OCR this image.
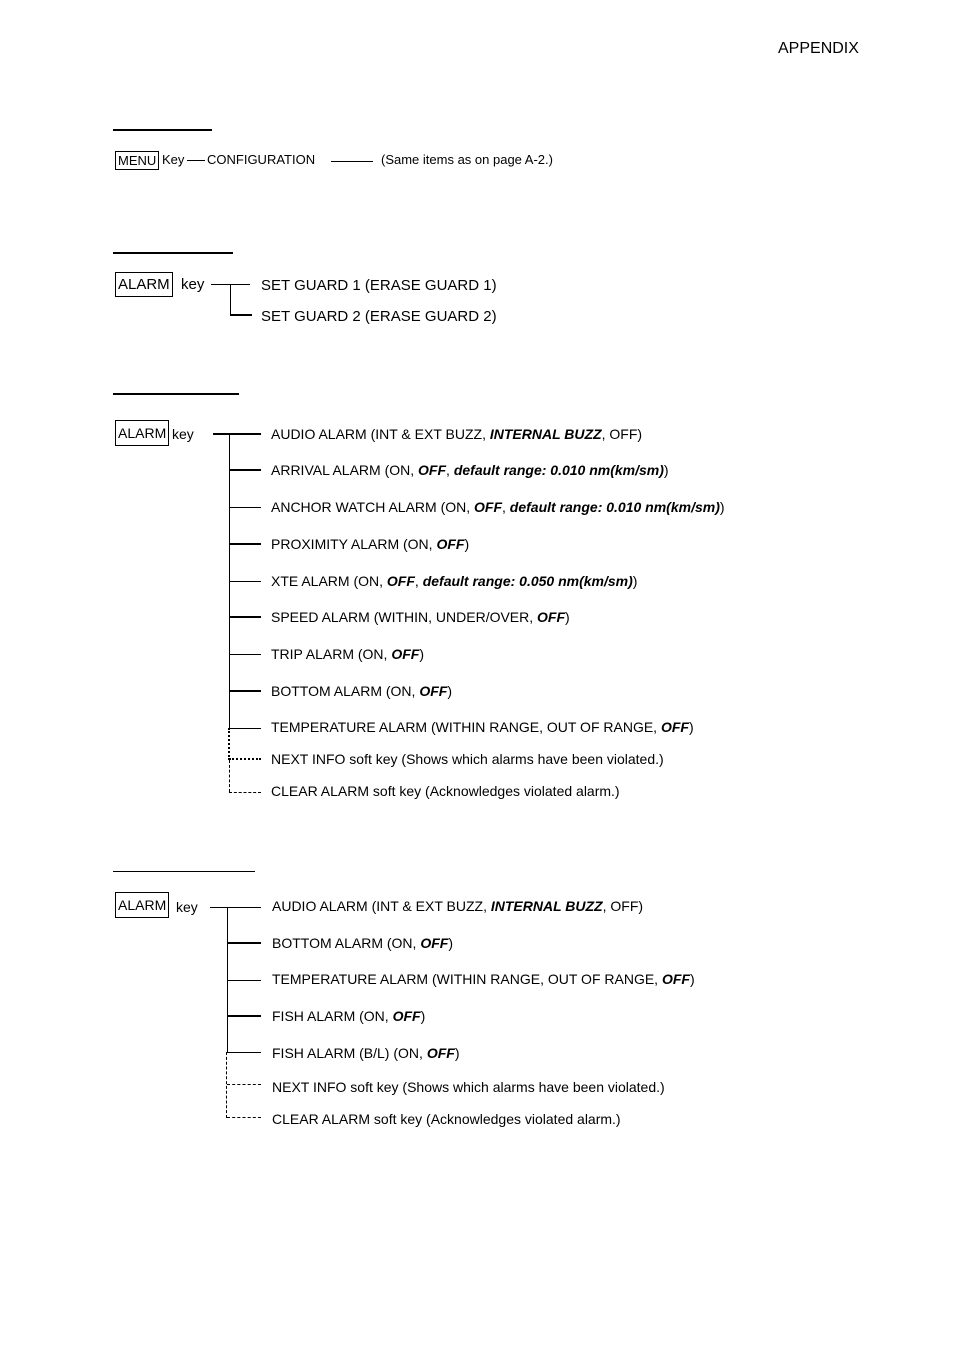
APPENDIX
MENU Key CONFIGURATION	(Same items as on page A-2.)
ALARM key	SET GUARD 1 (ERASE GUARD 1)
SET GUARD 2 (ERASE GUARD 2)
ALARM key	AUDIO ALARM (INT & EXT BUZZ, INTERNAL BUZZ, OFF)
ARRIVAL ALARM (ON, OFF, default range: 0.010 nm(km/sm))
ANCHOR WATCH ALARM (ON, OFF, default range: 0.010 nm(km/sm))
PROXIMITY ALARM (ON, OFF)
XTE ALARM (ON, OFF, default range: 0.050 nm(km/sm))
SPEED ALARM (WITHIN, UNDER/OVER, OFF)
TRIP ALARM (ON, OFF)
BOTTOM ALARM (ON, OFF)
TEMPERATURE ALARM (WITHIN RANGE, OUT OF RANGE, OFF)
NEXT INFO soft key (Shows which alarms have been violated.)
CLEAR ALARM soft key (Acknowledges violated alarm.)
ALARM key	AUDIO ALARM (INT & EXT BUZZ, INTERNAL BUZZ, OFF)
BOTTOM ALARM (ON, OFF)
TEMPERATURE ALARM (WITHIN RANGE, OUT OF RANGE, OFF)
FISH ALARM (ON, OFF)
FISH ALARM (B/L) (ON, OFF)
NEXT INFO soft key (Shows which alarms have been violated.)
CLEAR ALARM soft key (Acknowledges violated alarm.)
